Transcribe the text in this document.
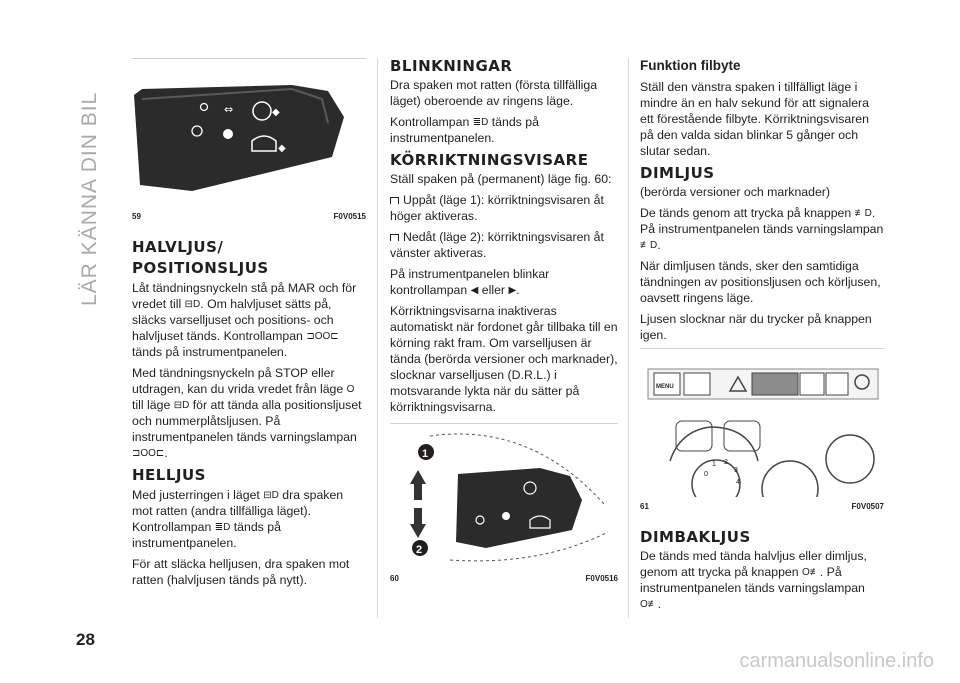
LÄR KÄNNA DIN BIL	◆
⇔
◆
59	F0V0515

HALVLJUS/

POSITIONSLJUS

Låt tändningsnyckeln stå på MAR och för vredet till ⊟D. Om halvljuset sätts på, släcks varselljuset och positions- och halvljuset tänds. Kontrollampan ⊐OO⊏ tänds på instrumentpanelen.

Med tändningsnyckeln på STOP eller utdragen, kan du vrida vredet från läge O till läge ⊟D för att tända alla positionsljuset och nummerplåtsljusen. På instrumentpanelen tänds varningslampan ⊐OO⊏.

HELLJUS

Med justerringen i läget ⊟D dra spaken mot ratten (andra tillfälliga läget). Kontrollampan ≣D tänds på instrumentpanelen.

För att släcka helljusen, dra spaken mot ratten (halvljusen tänds på nytt).

BLINKNINGAR

Dra spaken mot ratten (första tillfälliga läget) oberoende av ringens läge.

Kontrollampan ≣D tänds på instrumentpanelen.

KÖRRIKTNINGSVISARE

Ställ spaken på (permanent) läge fig. 60:

Uppåt (läge 1): körriktningsvisaren åt höger aktiveras.

Nedåt (läge 2): körriktningsvisaren åt vänster aktiveras.

På instrumentpanelen blinkar kontrollampan ◀ eller ▶.

Körriktningsvisarna inaktiveras automatiskt när fordonet går tillbaka till en körning rakt fram. Om varselljusen är tända (berörda versioner och marknader), slocknar varselljusen (D.R.L.) i motsvarande lykta när du sätter på körriktningsvisarna.

1
2
60	F0V0516

Funktion filbyte

Ställ den vänstra spaken i tillfälligt läge i mindre än en halv sekund för att signalera ett förestående filbyte. Körriktningsvisaren på den valda sidan blinkar 5 gånger och slutar sedan.

DIMLJUS

(berörda versioner och marknader)

De tänds genom att trycka på knappen ≢D. På instrumentpanelen tänds varningslampan ≢D.

När dimljusen tänds, sker den samtidiga tändningen av positionsljusen och körljusen, oavsett ringens läge.

Ljusen slocknar när du trycker på knappen igen.

MENU
0
1 2
3
4
61	F0V0507

DIMBAKLJUS

De tänds med tända halvljus eller dimljus, genom att trycka på knappen O≢. På instrumentpanelen tänds varningslampan O≢.

28
carmanualsonline.info
